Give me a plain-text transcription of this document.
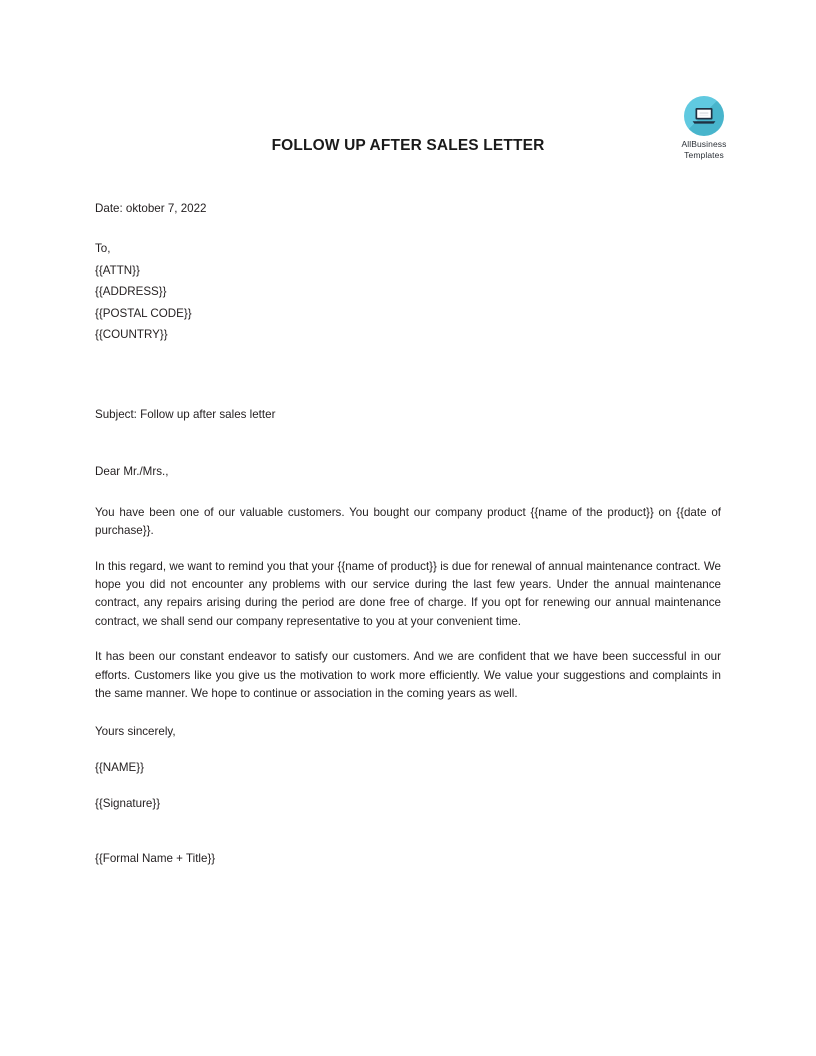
AllBusiness
Templates
FOLLOW UP AFTER SALES LETTER
Date: oktober 7, 2022
To,
{{ATTN}}
{{ADDRESS}}
{{POSTAL CODE}}
{{COUNTRY}}
Subject: Follow up after sales letter
Dear Mr./Mrs.,

You have been one of our valuable customers. You bought our company product {{name of the product}} on {{date of purchase}}.

In this regard, we want to remind you that your {{name of product}} is due for renewal of annual maintenance contract. We hope you did not encounter any problems with our service during the last few years. Under the annual maintenance contract, any repairs arising during the period are done free of charge. If you opt for renewing our annual maintenance contract, we shall send our company representative to you at your convenient time.

It has been our constant endeavor to satisfy our customers. And we are confident that we have been successful in our efforts. Customers like you give us the motivation to work more efficiently. We value your suggestions and complaints in the same manner. We hope to continue or association in the coming years as well.

Yours sincerely,
{{NAME}}
{{Signature}}
{{Formal Name + Title}}
